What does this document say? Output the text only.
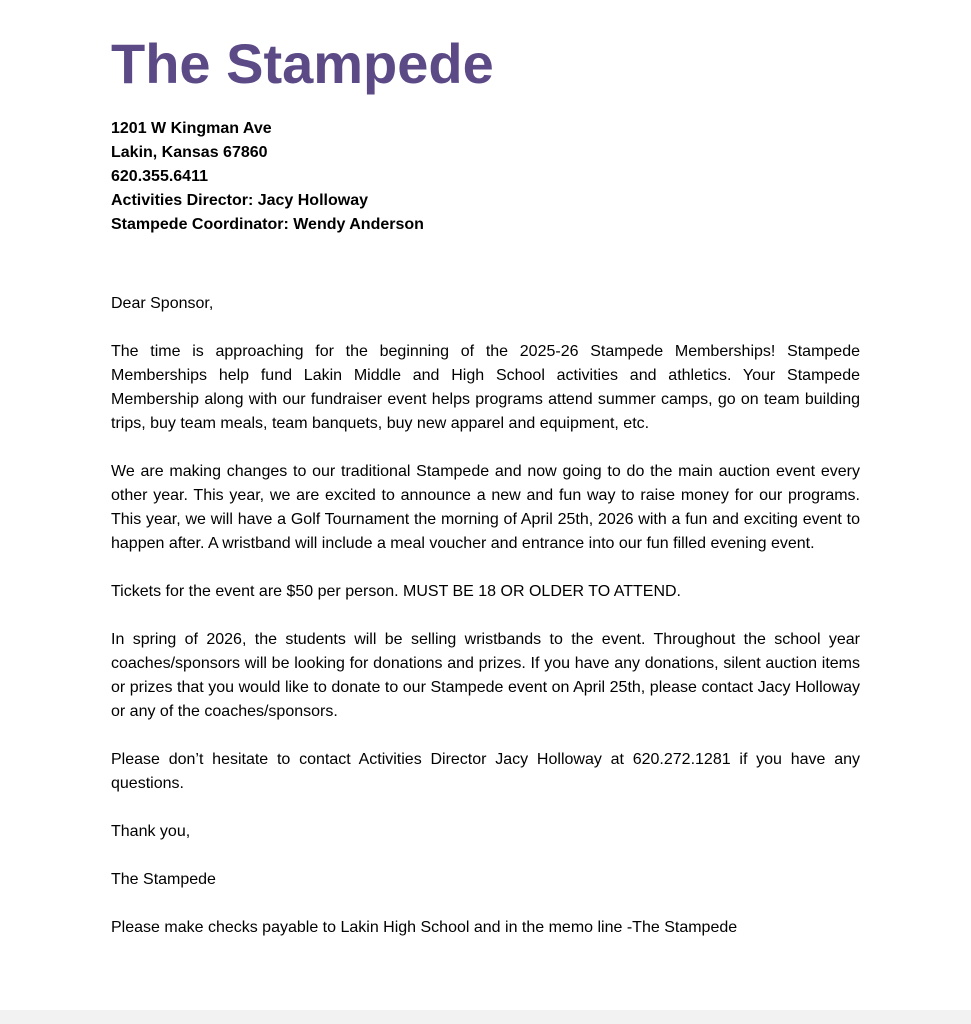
The Stampede
1201 W Kingman Ave
Lakin, Kansas 67860
620.355.6411
Activities Director: Jacy Holloway
Stampede Coordinator: Wendy Anderson

Dear Sponsor,

The time is approaching for the beginning of the 2025-26 Stampede Memberships! Stampede Memberships help fund Lakin Middle and High School activities and athletics. Your Stampede Membership along with our fundraiser event helps programs attend summer camps, go on team building trips, buy team meals, team banquets, buy new apparel and equipment, etc.

We are making changes to our traditional Stampede and now going to do the main auction event every other year. This year, we are excited to announce a new and fun way to raise money for our programs. This year, we will have a Golf Tournament the morning of April 25th, 2026 with a fun and exciting event to happen after. A wristband will include a meal voucher and entrance into our fun filled evening event.

Tickets for the event are $50 per person. MUST BE 18 OR OLDER TO ATTEND.

In spring of 2026, the students will be selling wristbands to the event. Throughout the school year coaches/sponsors will be looking for donations and prizes. If you have any donations, silent auction items or prizes that you would like to donate to our Stampede event on April 25th, please contact Jacy Holloway or any of the coaches/sponsors.

Please don’t hesitate to contact Activities Director Jacy Holloway at 620.272.1281 if you have any questions.

Thank you,

The Stampede

Please make checks payable to Lakin High School and in the memo line -The Stampede
